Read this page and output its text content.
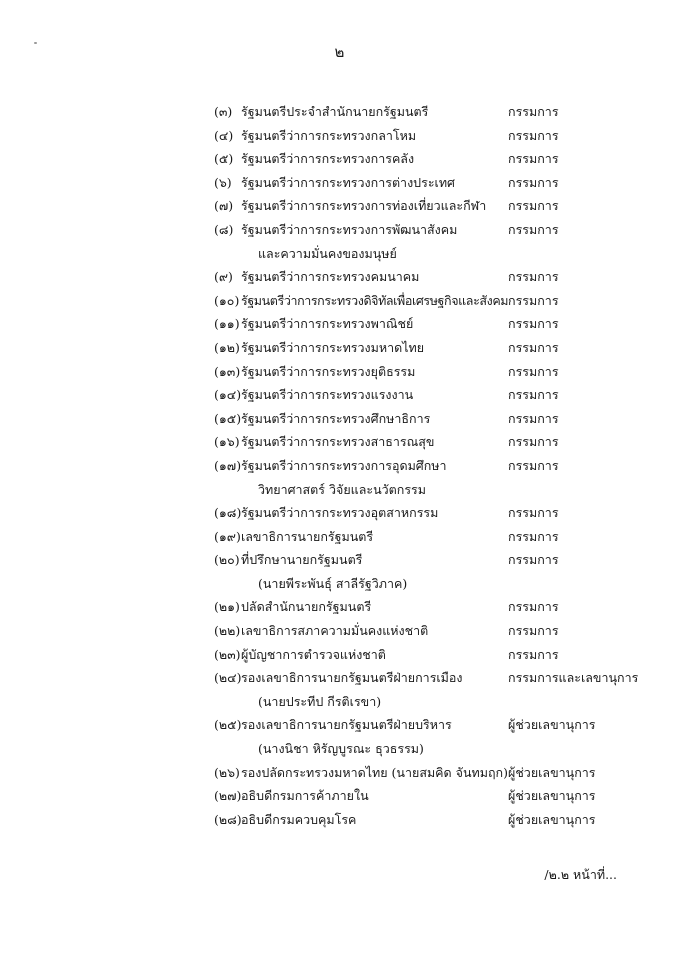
๒
(๓) รัฐมนตรีประจำสำนักนายกรัฐมนตรี	กรรมการ
(๔) รัฐมนตรีว่าการกระทรวงกลาโหม	กรรมการ
(๕) รัฐมนตรีว่าการกระทรวงการคลัง	กรรมการ
(๖) รัฐมนตรีว่าการกระทรวงการต่างประเทศ	กรรมการ
(๗) รัฐมนตรีว่าการกระทรวงการท่องเที่ยวและกีฬา	กรรมการ
(๘) รัฐมนตรีว่าการกระทรวงการพัฒนาสังคม	กรรมการ
และความมั่นคงของมนุษย์
(๙) รัฐมนตรีว่าการกระทรวงคมนาคม	กรรมการ
(๑๐) รัฐมนตรีว่าการกระทรวงดิจิทัลเพื่อเศรษฐกิจและสังคม กรรมการ
(๑๑) รัฐมนตรีว่าการกระทรวงพาณิชย์	กรรมการ
(๑๒) รัฐมนตรีว่าการกระทรวงมหาดไทย	กรรมการ
(๑๓) รัฐมนตรีว่าการกระทรวงยุติธรรม	กรรมการ
(๑๔) รัฐมนตรีว่าการกระทรวงแรงงาน	กรรมการ
(๑๕) รัฐมนตรีว่าการกระทรวงศึกษาธิการ	กรรมการ
(๑๖) รัฐมนตรีว่าการกระทรวงสาธารณสุข	กรรมการ
(๑๗) รัฐมนตรีว่าการกระทรวงการอุดมศึกษา	กรรมการ
วิทยาศาสตร์ วิจัยและนวัตกรรม
(๑๘) รัฐมนตรีว่าการกระทรวงอุตสาหกรรม	กรรมการ
(๑๙) เลขาธิการนายกรัฐมนตรี	กรรมการ
(๒๐) ที่ปรึกษานายกรัฐมนตรี	กรรมการ
(นายพีระพันธุ์ สาลีรัฐวิภาค)
(๒๑) ปลัดสำนักนายกรัฐมนตรี	กรรมการ
(๒๒) เลขาธิการสภาความมั่นคงแห่งชาติ	กรรมการ
(๒๓) ผู้บัญชาการตำรวจแห่งชาติ	กรรมการ
(๒๔) รองเลขาธิการนายกรัฐมนตรีฝ่ายการเมือง	กรรมการและเลขานุการ
(นายประทีป กีรติเรขา)
(๒๕) รองเลขาธิการนายกรัฐมนตรีฝ่ายบริหาร	ผู้ช่วยเลขานุการ
(นางนิชา หิรัญบูรณะ ธุวธรรม)
(๒๖) รองปลัดกระทรวงมหาดไทย (นายสมคิด จันทมฤก) ผู้ช่วยเลขานุการ
(๒๗) อธิบดีกรมการค้าภายใน	ผู้ช่วยเลขานุการ
(๒๘) อธิบดีกรมควบคุมโรค	ผู้ช่วยเลขานุการ
/๒.๒ หน้าที่...
